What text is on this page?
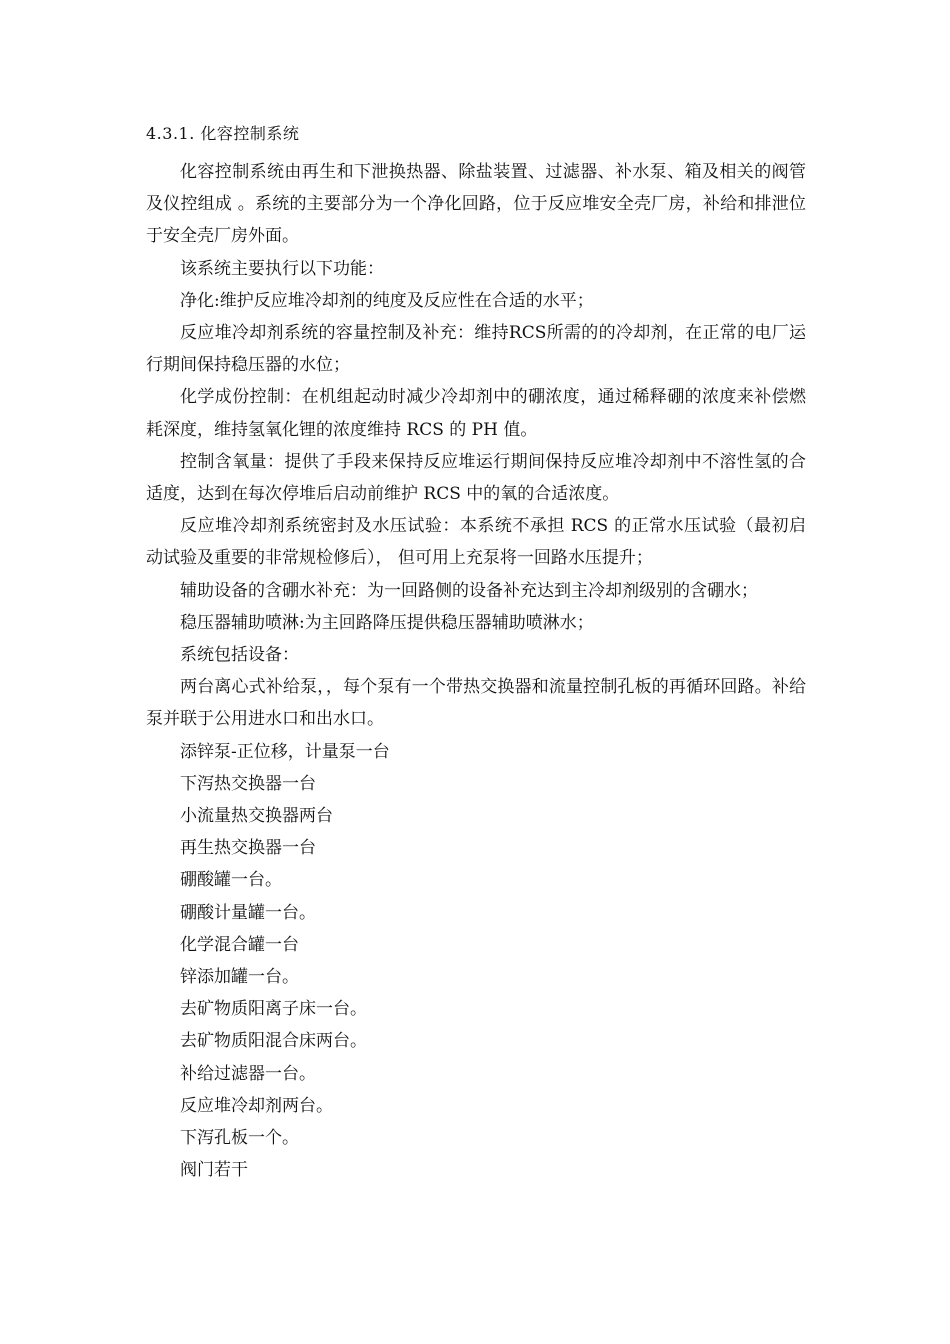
4.3.1. 化容控制系统

化容控制系统由再生和下泄换热器、除盐装置、过滤器、补水泵、箱及相关的阀管及仪控组成 。系统的主要部分为一个净化回路，位于反应堆安全壳厂房，补给和排泄位于安全壳厂房外面。

该系统主要执行以下功能：

净化:维护反应堆冷却剂的纯度及反应性在合适的水平；

反应堆冷却剂系统的容量控制及补充：维持RCS所需的的冷却剂，在正常的电厂运行期间保持稳压器的水位；

化学成份控制：在机组起动时减少冷却剂中的硼浓度，通过稀释硼的浓度来补偿燃耗深度，维持氢氧化锂的浓度维持 RCS 的 PH 值。

控制含氧量：提供了手段来保持反应堆运行期间保持反应堆冷却剂中不溶性氢的合适度，达到在每次停堆后启动前维护 RCS 中的氧的合适浓度。

反应堆冷却剂系统密封及水压试验：本系统不承担 RCS 的正常水压试验（最初启动试验及重要的非常规检修后）， 但可用上充泵将一回路水压提升；

辅助设备的含硼水补充：为一回路侧的设备补充达到主冷却剂级别的含硼水；

稳压器辅助喷淋:为主回路降压提供稳压器辅助喷淋水；

系统包括设备：

两台离心式补给泵，，每个泵有一个带热交换器和流量控制孔板的再循环回路。补给泵并联于公用进水口和出水口。

添锌泵-正位移，计量泵一台

下泻热交换器一台

小流量热交换器两台

再生热交换器一台

硼酸罐一台。

硼酸计量罐一台。

化学混合罐一台

锌添加罐一台。

去矿物质阳离子床一台。

去矿物质阳混合床两台。

补给过滤器一台。

反应堆冷却剂两台。

下泻孔板一个。

阀门若干
